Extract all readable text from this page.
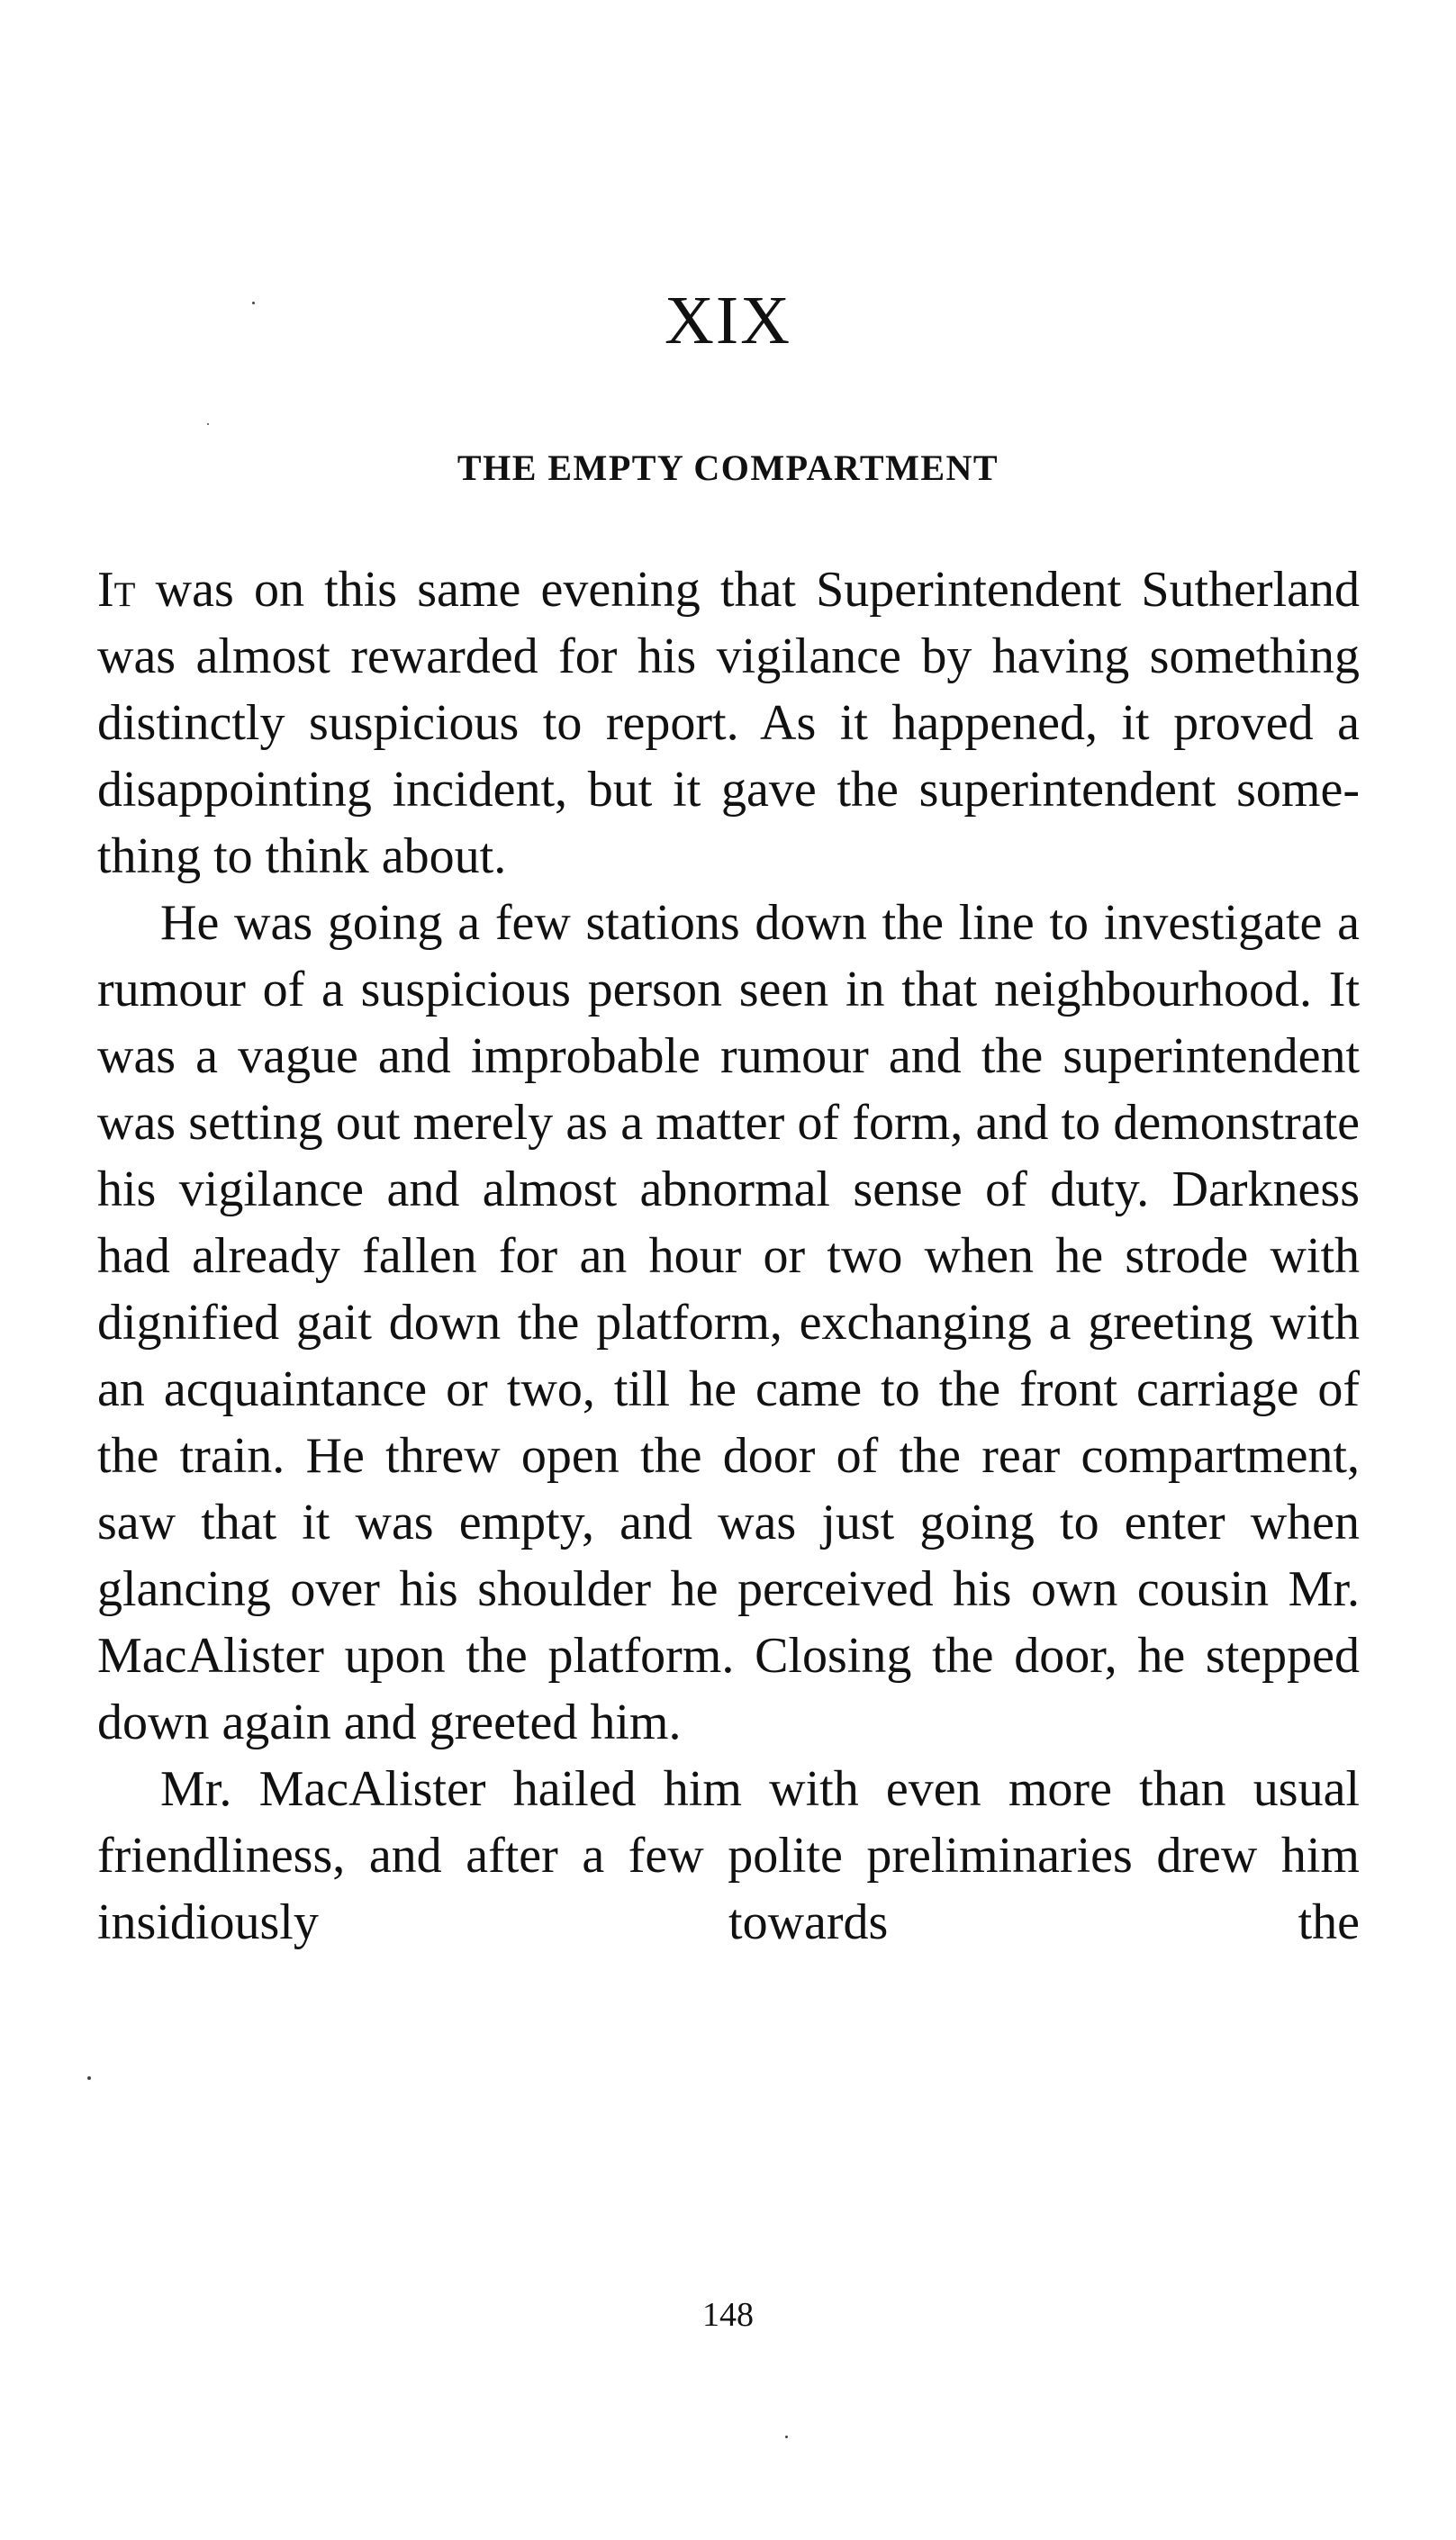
XIX
THE EMPTY COMPARTMENT

It was on this same evening that Superintendent Sutherland was almost rewarded for his vigilance by having something distinctly suspicious to report. As it happened, it proved a disappointing incident, but it gave the superintendent something to think about.

He was going a few stations down the line to investigate a rumour of a suspicious person seen in that neighbourhood. It was a vague and improbable rumour and the superintendent was setting out merely as a matter of form, and to demonstrate his vigilance and almost abnormal sense of duty. Darkness had already fallen for an hour or two when he strode with dignified gait down the platform, exchanging a greeting with an acquaintance or two, till he came to the front carriage of the train. He threw open the door of the rear compartment, saw that it was empty, and was just going to enter when glancing over his shoulder he perceived his own cousin Mr. MacAlister upon the platform. Closing the door, he stepped down again and greeted him.

Mr. MacAlister hailed him with even more than usual friendliness, and after a few polite preliminaries drew him insidiously towards the

148
